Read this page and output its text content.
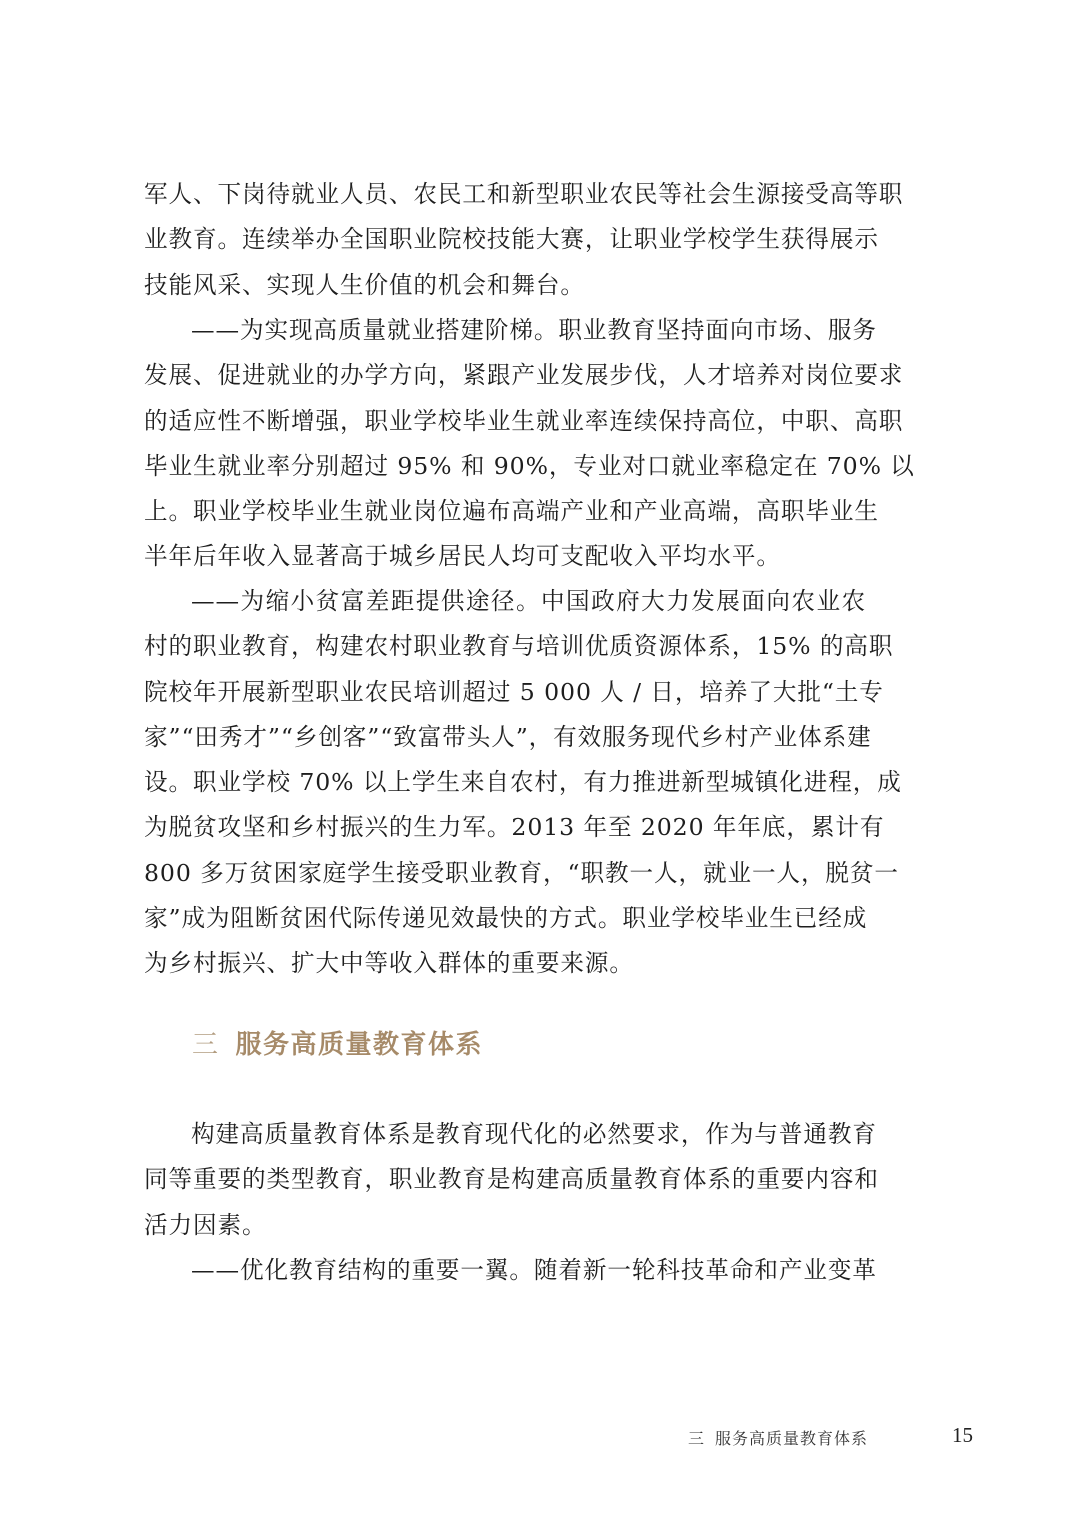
军人、下岗待就业人员、农民工和新型职业农民等社会生源接受高等职
业教育。连续举办全国职业院校技能大赛，让职业学校学生获得展示
技能风采、实现人生价值的机会和舞台。
——为实现高质量就业搭建阶梯。职业教育坚持面向市场、服务
发展、促进就业的办学方向，紧跟产业发展步伐，人才培养对岗位要求
的适应性不断增强，职业学校毕业生就业率连续保持高位，中职、高职
毕业生就业率分别超过 95% 和 90%，专业对口就业率稳定在 70% 以
上。职业学校毕业生就业岗位遍布高端产业和产业高端，高职毕业生
半年后年收入显著高于城乡居民人均可支配收入平均水平。
——为缩小贫富差距提供途径。中国政府大力发展面向农业农
村的职业教育，构建农村职业教育与培训优质资源体系，15% 的高职
院校年开展新型职业农民培训超过 5 000 人 / 日，培养了大批“土专
家”“田秀才”“乡创客”“致富带头人”，有效服务现代乡村产业体系建
设。职业学校 70% 以上学生来自农村，有力推进新型城镇化进程，成
为脱贫攻坚和乡村振兴的生力军。2013 年至 2020 年年底，累计有
800 多万贫困家庭学生接受职业教育，“职教一人，就业一人，脱贫一
家”成为阻断贫困代际传递见效最快的方式。职业学校毕业生已经成
为乡村振兴、扩大中等收入群体的重要来源。
三 服务高质量教育体系
构建高质量教育体系是教育现代化的必然要求，作为与普通教育
同等重要的类型教育，职业教育是构建高质量教育体系的重要内容和
活力因素。
——优化教育结构的重要一翼。随着新一轮科技革命和产业变革
三 服务高质量教育体系	15
